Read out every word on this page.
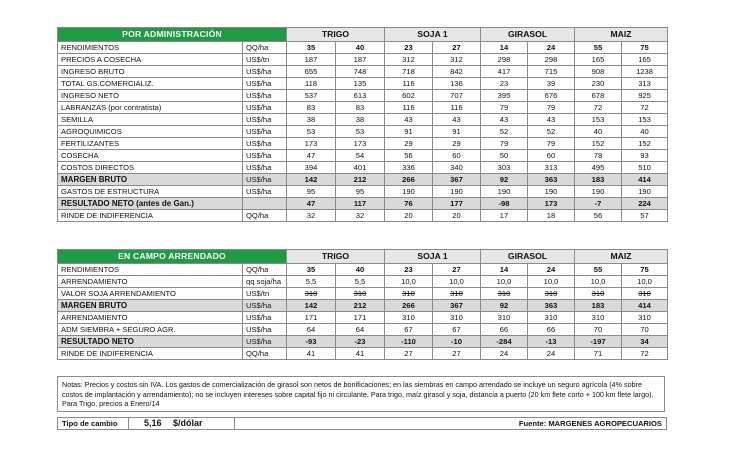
POR ADMINISTRACIÓN		TRIGO		SOJA 1		GIRASOL		MAIZ	
RENDIMIENTOS	QQ/ha	35	40	23	27	14	24	55	75
PRECIOS A COSECHA	US$/tn	187	187	312	312	298	298	165	165
INGRESO BRUTO	US$/ha	655	748	718	842	417	715	908	1238
TOTAL GS.COMERCIALIZ.	US$/ha	118	135	116	136	23	39	230	313
INGRESO NETO	US$/ha	537	613	602	707	395	676	678	925
LABRANZAS (por contratista)	US$/ha	83	83	116	116	79	79	72	72
SEMILLA	US$/ha	38	38	43	43	43	43	153	153
AGROQUIMICOS	US$/ha	53	53	91	91	52	52	40	40
FERTILIZANTES	US$/ha	173	173	29	29	79	79	152	152
COSECHA	US$/ha	47	54	56	60	50	60	78	93
COSTOS DIRECTOS	US$/ha	394	401	336	340	303	313	495	510
MARGEN BRUTO	US$/ha	142	212	266	367	92	363	183	414
GASTOS DE ESTRUCTURA	US$/ha	95	95	190	190	190	190	190	190
RESULTADO NETO (antes de Gan.)		47	117	76	177	-98	173	-7	224
RINDE DE INDIFERENCIA	QQ/ha	32	32	20	20	17	18	56	57
EN CAMPO ARRENDADO		TRIGO		SOJA 1		GIRASOL		MAIZ	
RENDIMIENTOS	QQ/ha	35	40	23	27	14	24	55	75
ARRENDAMIENTO	qq soja/ha	5,5	5,5	10,0	10,0	10,0	10,0	10,0	10,0
VALOR SOJA ARRENDAMIENTO	US$/tn	310	310	310	310	310	310	310	310
MARGEN BRUTO	US$/ha	142	212	266	367	92	363	183	414
ARRENDAMIENTO	US$/ha	171	171	310	310	310	310	310	310
ADM SIEMBRA + SEGURO AGR.	US$/ha	64	64	67	67	66	66	70	70
RESULTADO NETO	US$/ha	-93	-23	-110	-10	-284	-13	-197	34
RINDE DE INDIFERENCIA	QQ/ha	41	41	27	27	24	24	71	72
Notas: Precios y costos sin IVA. Los gastos de comercialización de girasol son netos de bonificaciones; en las siembras en campo arrendado se incluye un seguro agrícola (4% sobre costos de implantación y arrendamiento); no se incluyen intereses sobre capital fijo ni circulante. Para trigo, maíz girasol y soja, distancia a puerto (20 km flete corto + 100 km flete largo). Para Trigo, precios a Enero/14
Tipo de cambio	5,16 $/dólar	Fuente: MARGENES AGROPECUARIOS
